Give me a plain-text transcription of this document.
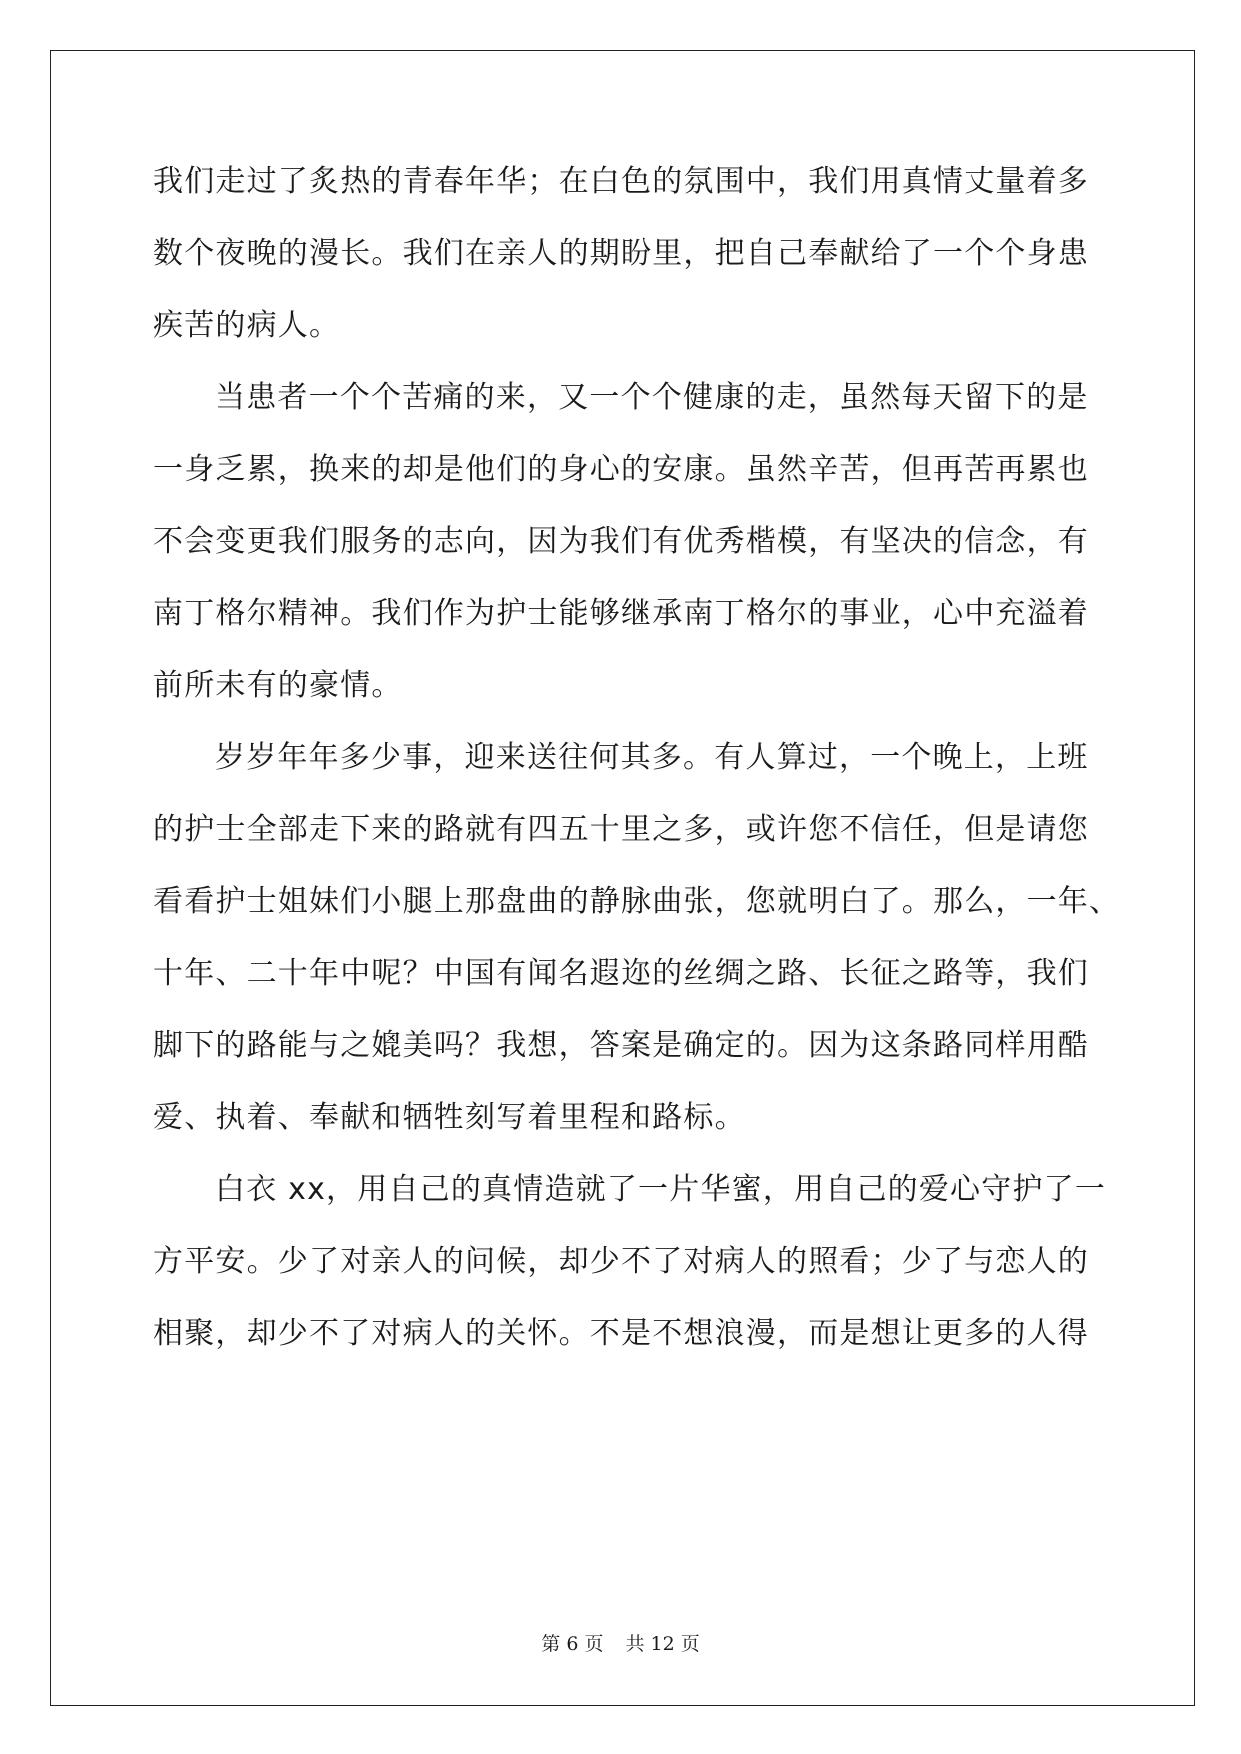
我们走过了炙热的青春年华；在白色的氛围中，我们用真情丈量着多
数个夜晚的漫长。我们在亲人的期盼里，把自己奉献给了一个个身患
疾苦的病人。
当患者一个个苦痛的来，又一个个健康的走，虽然每天留下的是
一身乏累，换来的却是他们的身心的安康。虽然辛苦，但再苦再累也
不会变更我们服务的志向，因为我们有优秀楷模，有坚决的信念，有
南丁格尔精神。我们作为护士能够继承南丁格尔的事业，心中充溢着
前所未有的豪情。
岁岁年年多少事，迎来送往何其多。有人算过，一个晚上，上班
的护士全部走下来的路就有四五十里之多，或许您不信任，但是请您
看看护士姐妹们小腿上那盘曲的静脉曲张，您就明白了。那么，一年、
十年、二十年中呢？中国有闻名遐迩的丝绸之路、长征之路等，我们
脚下的路能与之媲美吗？我想，答案是确定的。因为这条路同样用酷
爱、执着、奉献和牺牲刻写着里程和路标。
白衣 xx，用自己的真情造就了一片华蜜，用自己的爱心守护了一
方平安。少了对亲人的问候，却少不了对病人的照看；少了与恋人的
相聚，却少不了对病人的关怀。不是不想浪漫，而是想让更多的人得
第 6 页 共 12 页
